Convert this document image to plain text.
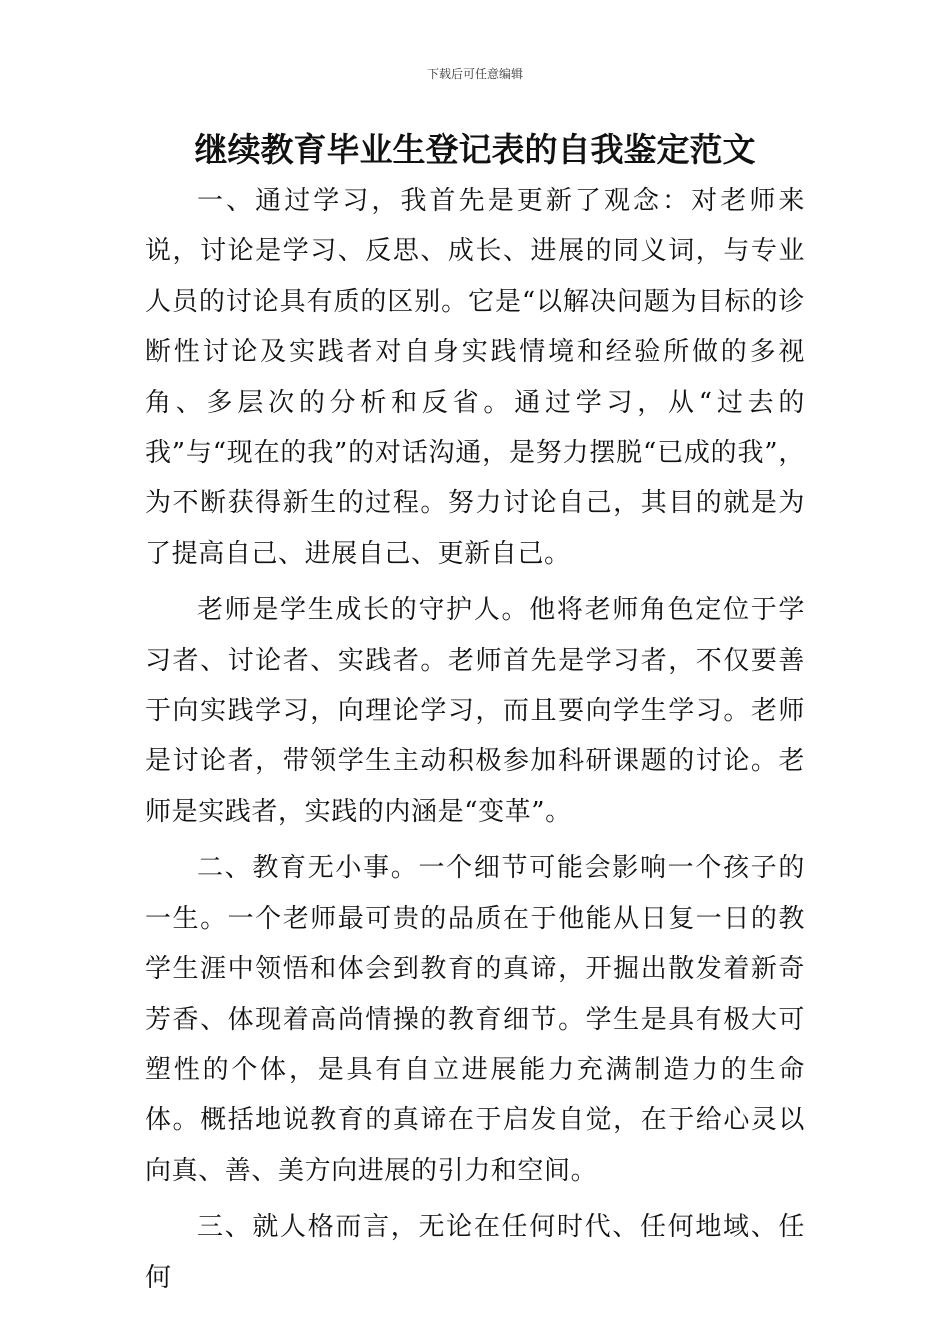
下载后可任意编辑
继续教育毕业生登记表的自我鉴定范文

一、通过学习，我首先是更新了观念：对老师来说，讨论是学习、反思、成长、进展的同义词，与专业人员的讨论具有质的区别。它是“以解决问题为目标的诊断性讨论及实践者对自身实践情境和经验所做的多视角、多层次的分析和反省。通过学习，从“过去的我”与“现在的我”的对话沟通，是努力摆脱“已成的我”，为不断获得新生的过程。努力讨论自己，其目的就是为了提高自己、进展自己、更新自己。

老师是学生成长的守护人。他将老师角色定位于学习者、讨论者、实践者。老师首先是学习者，不仅要善于向实践学习，向理论学习，而且要向学生学习。老师是讨论者，带领学生主动积极参加科研课题的讨论。老师是实践者，实践的内涵是“变革”。

二、教育无小事。一个细节可能会影响一个孩子的一生。一个老师最可贵的品质在于他能从日复一日的教学生涯中领悟和体会到教育的真谛，开掘出散发着新奇芳香、体现着高尚情操的教育细节。学生是具有极大可塑性的个体，是具有自立进展能力充满制造力的生命体。概括地说教育的真谛在于启发自觉，在于给心灵以向真、善、美方向进展的引力和空间。

三、就人格而言，无论在任何时代、任何地域、任何
